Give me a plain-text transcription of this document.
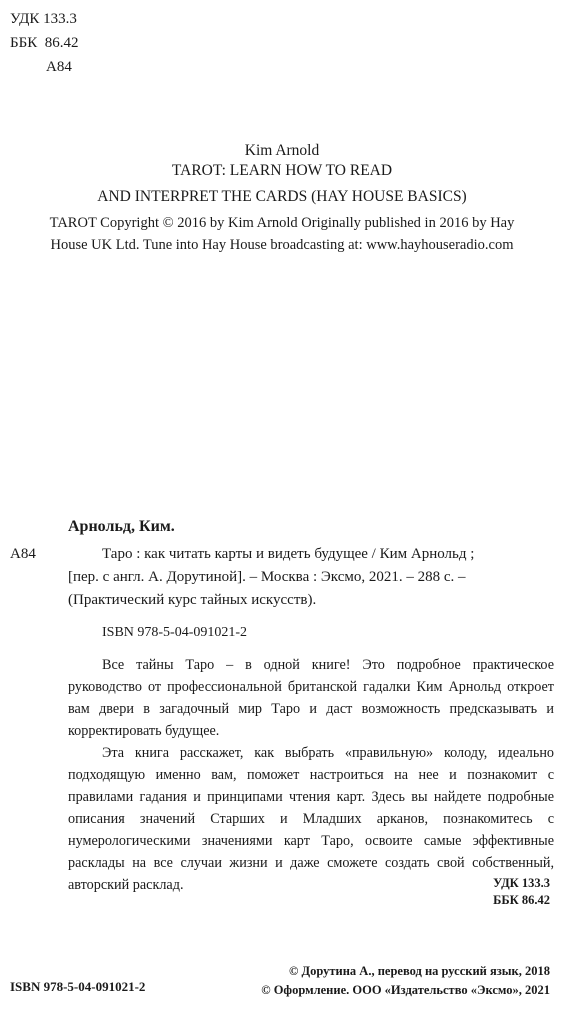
УДК 133.3
ББК  86.42
А84
Kim Arnold
TAROT: LEARN HOW TO READ
AND INTERPRET THE CARDS (HAY HOUSE BASICS)
TAROT Copyright © 2016 by Kim Arnold Originally published in 2016 by Hay
House UK Ltd. Tune into Hay House broadcasting at: www.hayhouseradio.com
Арнольд, Ким.
А84	Таро : как читать карты и видеть будущее / Ким Арнольд ;
[пер. с англ. А. Дорутиной]. – Москва : Эксмо, 2021. – 288 с. –
(Практический курс тайных искусств).
ISBN 978-5-04-091021-2

Все тайны Таро – в одной книге! Это подробное практическое руководство от профессиональной британской гадалки Ким Арнольд откроет вам двери в загадочный мир Таро и даст возможность предсказывать и корректировать будущее.

Эта книга расскажет, как выбрать «правильную» колоду, идеально подходящую именно вам, поможет настроиться на нее и познакомит с правилами гадания и принципами чтения карт. Здесь вы найдете подробные описания значений Старших и Младших арканов, познакомитесь с нумерологическими значениями карт Таро, освоите самые эффективные расклады на все случаи жизни и даже сможете создать свой собственный, авторский расклад.	УДК 133.3
ББК 86.42
ISBN 978-5-04-091021-2
© Дорутина А., перевод на русский язык, 2018
© Оформление. ООО «Издательство «Эксмо», 2021
